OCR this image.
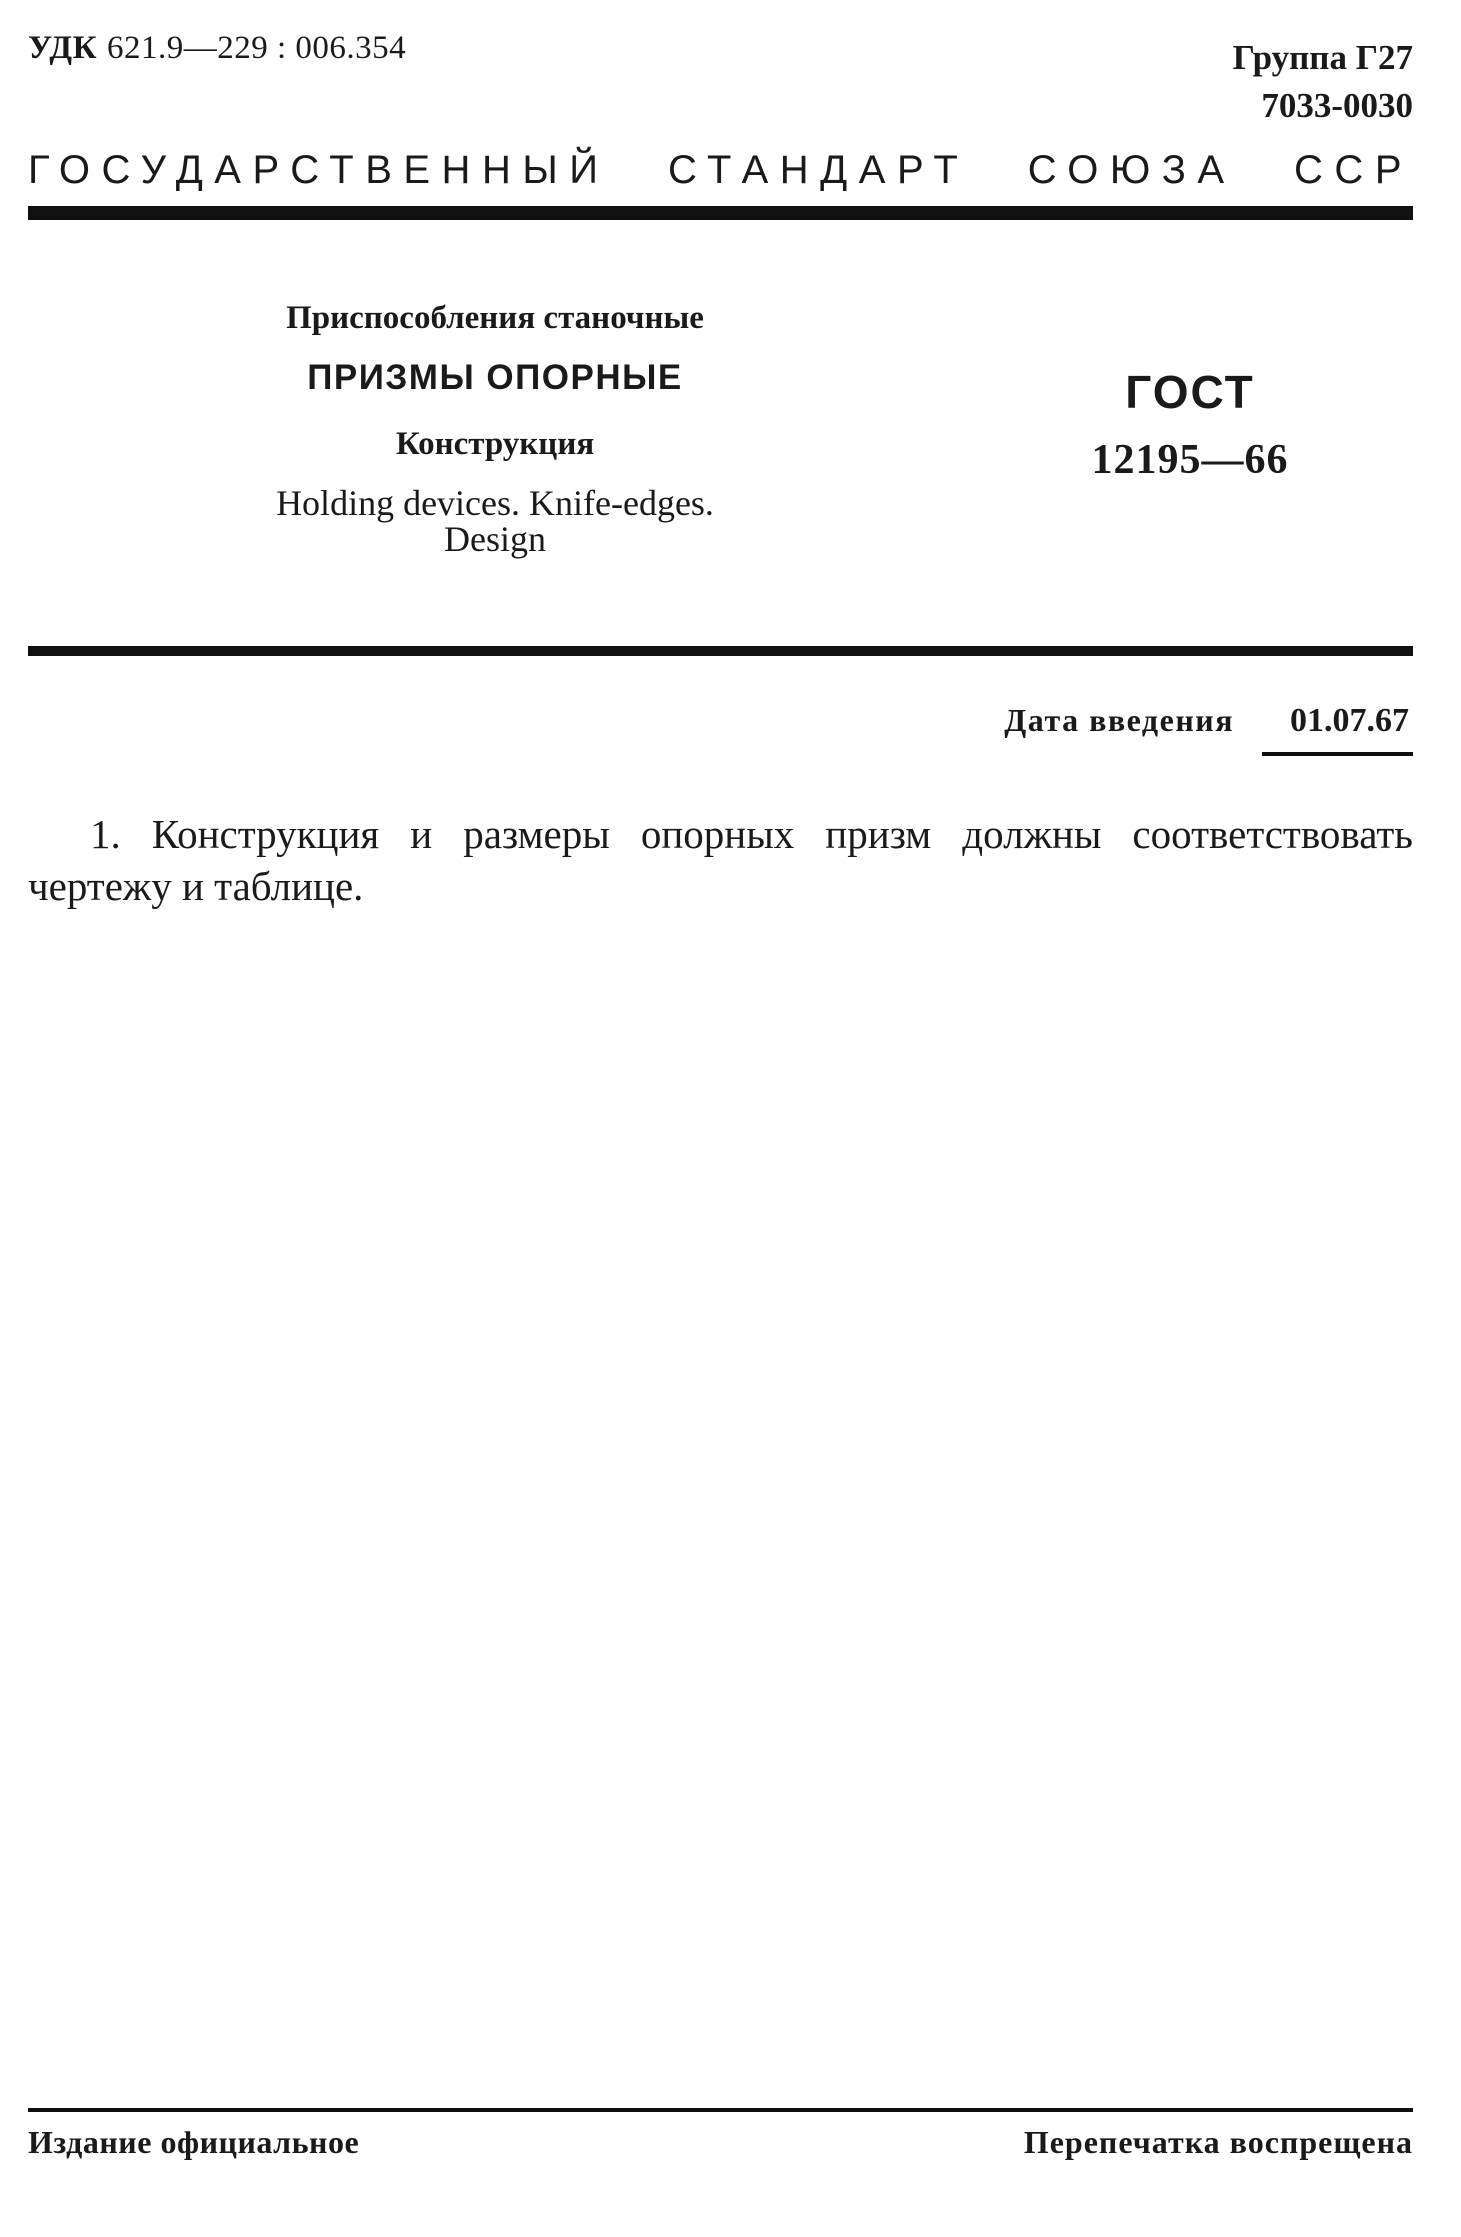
УДК 621.9—229 : 006.354	Группа Г27
7033-0030
ГОСУДАРСТВЕННЫЙ СТАНДАРТ СОЮЗА ССР
Приспособления станочные
ПРИЗМЫ ОПОРНЫЕ
Конструкция
Holding devices. Knife-edges.
Design
ГОСТ
12195—66
Дата введения	01.07.67
1. Конструкция и размеры опорных призм должны соответствовать чертежу и таблице.
Издание официальное	Перепечатка воспрещена
